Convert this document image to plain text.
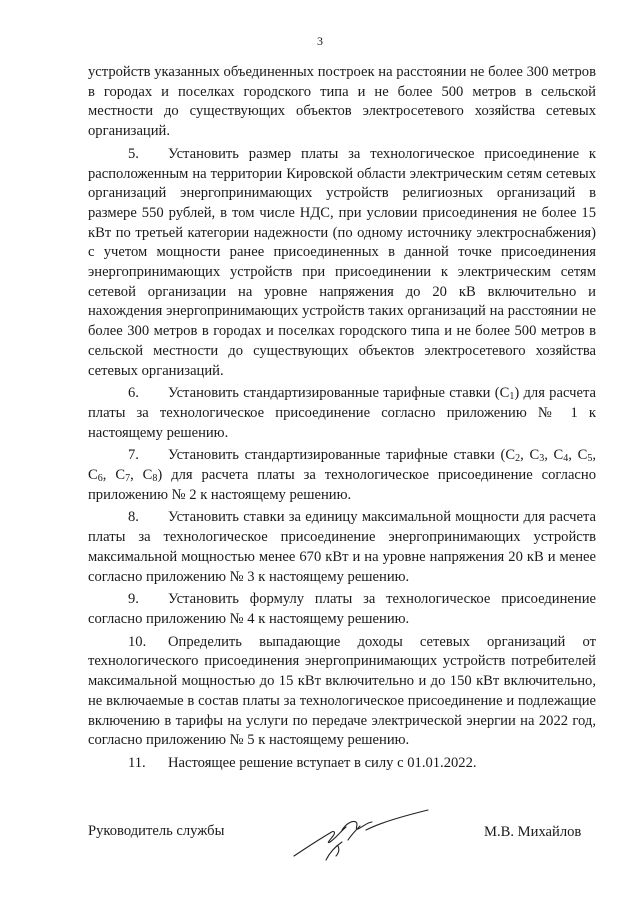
3

устройств указанных объединенных построек на расстоянии не более 300 метров в городах и поселках городского типа и не более 500 метров в сельской местности до существующих объектов электросетевого хозяйства сетевых организаций.

5. Установить размер платы за технологическое присоединение к расположенным на территории Кировской области электрическим сетям сетевых организаций энергопринимающих устройств религиозных организаций в размере 550 рублей, в том числе НДС, при условии присоединения не более 15 кВт по третьей категории надежности (по одному источнику электроснабжения) с учетом мощности ранее присоединенных в данной точке присоединения энергопринимающих устройств при присоединении к электрическим сетям сетевой организации на уровне напряжения до 20 кВ включительно и нахождения энергопринимающих устройств таких организаций на расстоянии не более 300 метров в городах и поселках городского типа и не более 500 метров в сельской местности до существующих объектов электросетевого хозяйства сетевых организаций.

6. Установить стандартизированные тарифные ставки $(С_1)$ для расчета платы за технологическое присоединение согласно приложению № 1 к настоящему решению.

7. Установить стандартизированные тарифные ставки ($С_2$, $С_3$, $С_4$, $С_5$, $С_6$, $С_7$, $С_8$) для расчета платы за технологическое присоединение согласно приложению № 2 к настоящему решению.

8. Установить ставки за единицу максимальной мощности для расчета платы за технологическое присоединение энергопринимающих устройств максимальной мощностью менее 670 кВт и на уровне напряжения 20 кВ и менее согласно приложению № 3 к настоящему решению.

9. Установить формулу платы за технологическое присоединение согласно приложению № 4 к настоящему решению.

10. Определить выпадающие доходы сетевых организаций от технологического присоединения энергопринимающих устройств потребителей максимальной мощностью до 15 кВт включительно и до 150 кВт включительно, не включаемые в состав платы за технологическое присоединение и подлежащие включению в тарифы на услуги по передаче электрической энергии на 2022 год, согласно приложению № 5 к настоящему решению.

11. Настоящее решение вступает в силу с 01.01.2022.

Руководитель службы	М.В. Михайлов
